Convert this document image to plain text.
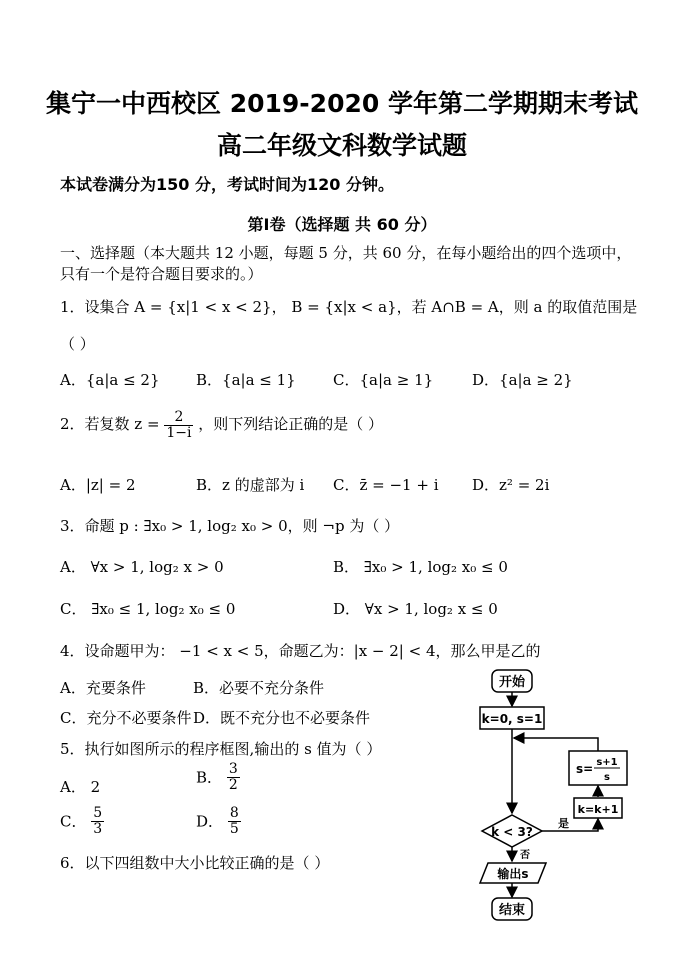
集宁一中西校区 2019-2020 学年第二学期期末考试
高二年级文科数学试题
本试卷满分为150 分，考试时间为120 分钟。
第Ⅰ卷（选择题 共 60 分）
一、选择题（本大题共 12 小题，每题 5 分，共 60 分，在每小题给出的四个选项中，
只有一个是符合题目要求的。）
1．设集合 A = {x|1 < x < 2}， B = {x|x < a}，若 A∩B = A，则 a 的取值范围是
（ ）
A．{a|a ≤ 2} B．{a|a ≤ 1} C．{a|a ≥ 1}	D．{a|a ≥ 2}
2．若复数 $z = \frac{2}{1-i}$ ，则下列结论正确的是（ ）
A．|z| = 2	B．z 的虚部为 i C．z̄ = −1 + i D．z² = 2i
3．命题 p : ∃x₀ > 1, log₂ x₀ > 0，则 ¬p 为（ ）
A． ∀x > 1, log₂ x > 0	B． ∃x₀ > 1, log₂ x₀ ≤ 0
C． ∃x₀ ≤ 1, log₂ x₀ ≤ 0	D． ∀x > 1, log₂ x ≤ 0
4．设命题甲为： −1 < x < 5，命题乙为：|x − 2| < 4，那么甲是乙的
A．充要条件	B．必要不充分条件
C．充分不必要条件 D．既不充分也不必要条件
5．执行如图所示的程序框图,输出的 s 值为（ ）
A． 2
B． $\frac{3}{2}$
C． $\frac{5}{3}$	D． $\frac{8}{5}$
6．以下四组数中大小比较正确的是（ ）
开始
k=0, s=1
s= s+1
s
k=k+1
k < 3?
是
否
输出s
结束
